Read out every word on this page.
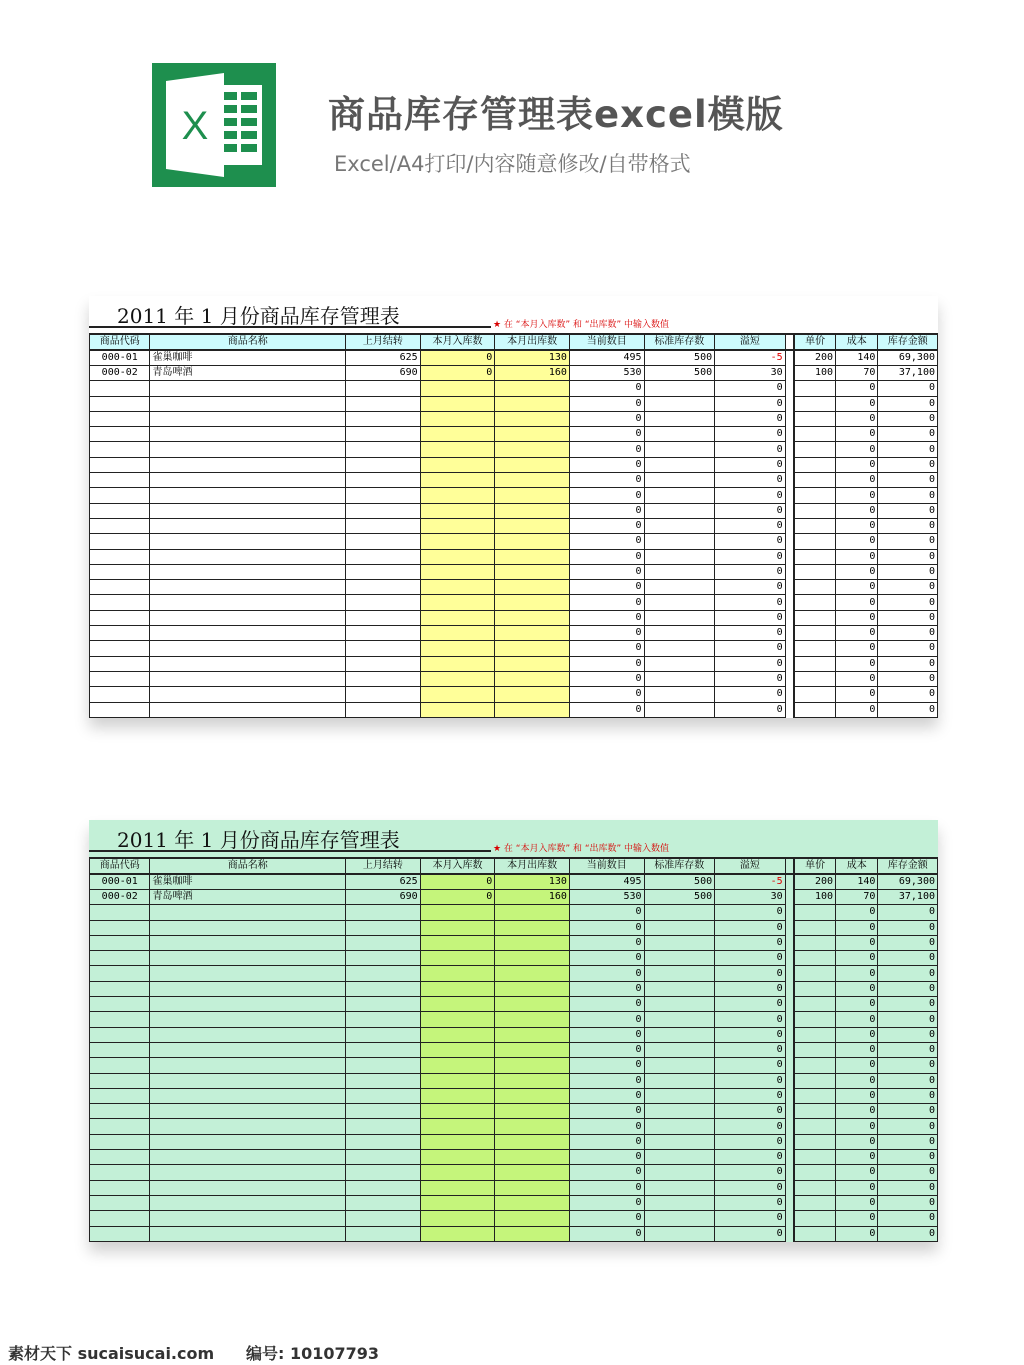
X	商品库存管理表excel模版
Excel/A4打印/内容随意修改/自带格式
2011 年 1 月份商品库存管理表	★ 在 “本月入库数” 和 “出库数” 中输入数值
商品代码	商品名称	上月结转	本月入库数	本月出库数	当前数目	标准库存数	溢短		单价	成本	库存金额
000-01	雀巢咖啡	625	0	130	495	500	-5		200	140	69,300
000-02	青岛啤酒	690	0	160	530	500	30		100	70	37,100
					0		0			0	0
					0		0			0	0
					0		0			0	0
					0		0			0	0
					0		0			0	0
					0		0			0	0
					0		0			0	0
					0		0			0	0
					0		0			0	0
					0		0			0	0
					0		0			0	0
					0		0			0	0
					0		0			0	0
					0		0			0	0
					0		0			0	0
					0		0			0	0
					0		0			0	0
					0		0			0	0
					0		0			0	0
					0		0			0	0
					0		0			0	0
					0		0			0	0
2011 年 1 月份商品库存管理表	★ 在 “本月入库数” 和 “出库数” 中输入数值
商品代码	商品名称	上月结转	本月入库数	本月出库数	当前数目	标准库存数	溢短		单价	成本	库存金额
000-01	雀巢咖啡	625	0	130	495	500	-5		200	140	69,300
000-02	青岛啤酒	690	0	160	530	500	30		100	70	37,100
					0		0			0	0
					0		0			0	0
					0		0			0	0
					0		0			0	0
					0		0			0	0
					0		0			0	0
					0		0			0	0
					0		0			0	0
					0		0			0	0
					0		0			0	0
					0		0			0	0
					0		0			0	0
					0		0			0	0
					0		0			0	0
					0		0			0	0
					0		0			0	0
					0		0			0	0
					0		0			0	0
					0		0			0	0
					0		0			0	0
					0		0			0	0
					0		0			0	0
素材天下 sucaisucai.com 编号: 10107793
